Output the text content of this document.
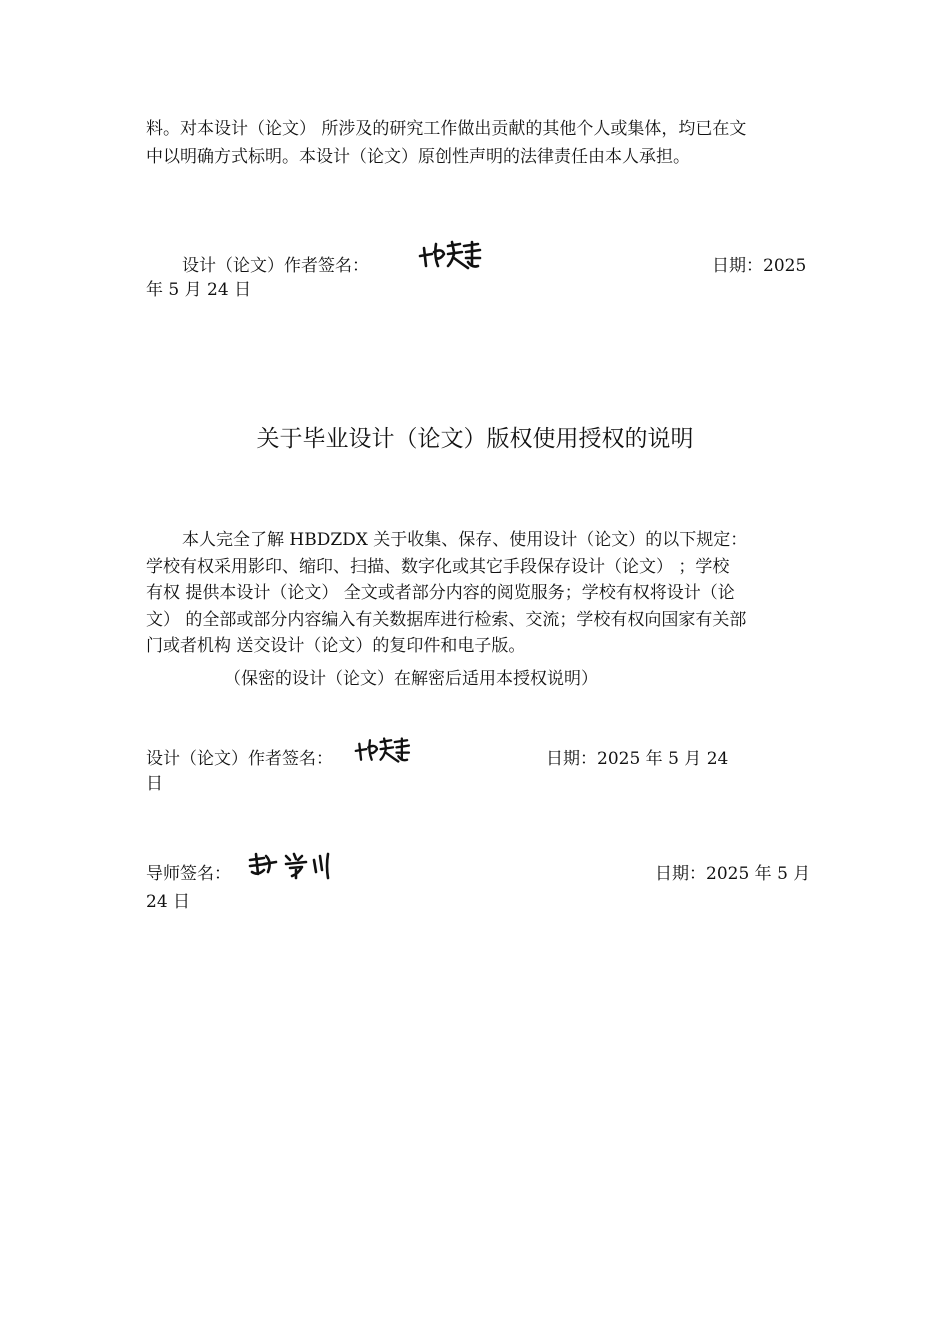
料。对本设计（论文） 所涉及的研究工作做出贡献的其他个人或集体，均已在文
中以明确方式标明。本设计（论文）原创性声明的法律责任由本人承担。
设计（论文）作者签名：	日期：2025
年 5 月 24 日
关于毕业设计（论文）版权使用授权的说明
本人完全了解 HBDZDX 关于收集、保存、使用设计（论文）的以下规定：
学校有权采用影印、缩印、扫描、数字化或其它手段保存设计（论文） ；学校
有权 提供本设计（论文） 全文或者部分内容的阅览服务；学校有权将设计（论
文） 的全部或部分内容编入有关数据库进行检索、交流；学校有权向国家有关部
门或者机构 送交设计（论文）的复印件和电子版。
（保密的设计（论文）在解密后适用本授权说明）
设计（论文）作者签名：	日期：2025 年 5 月 24
日
导师签名：	日期：2025 年 5 月
24 日
